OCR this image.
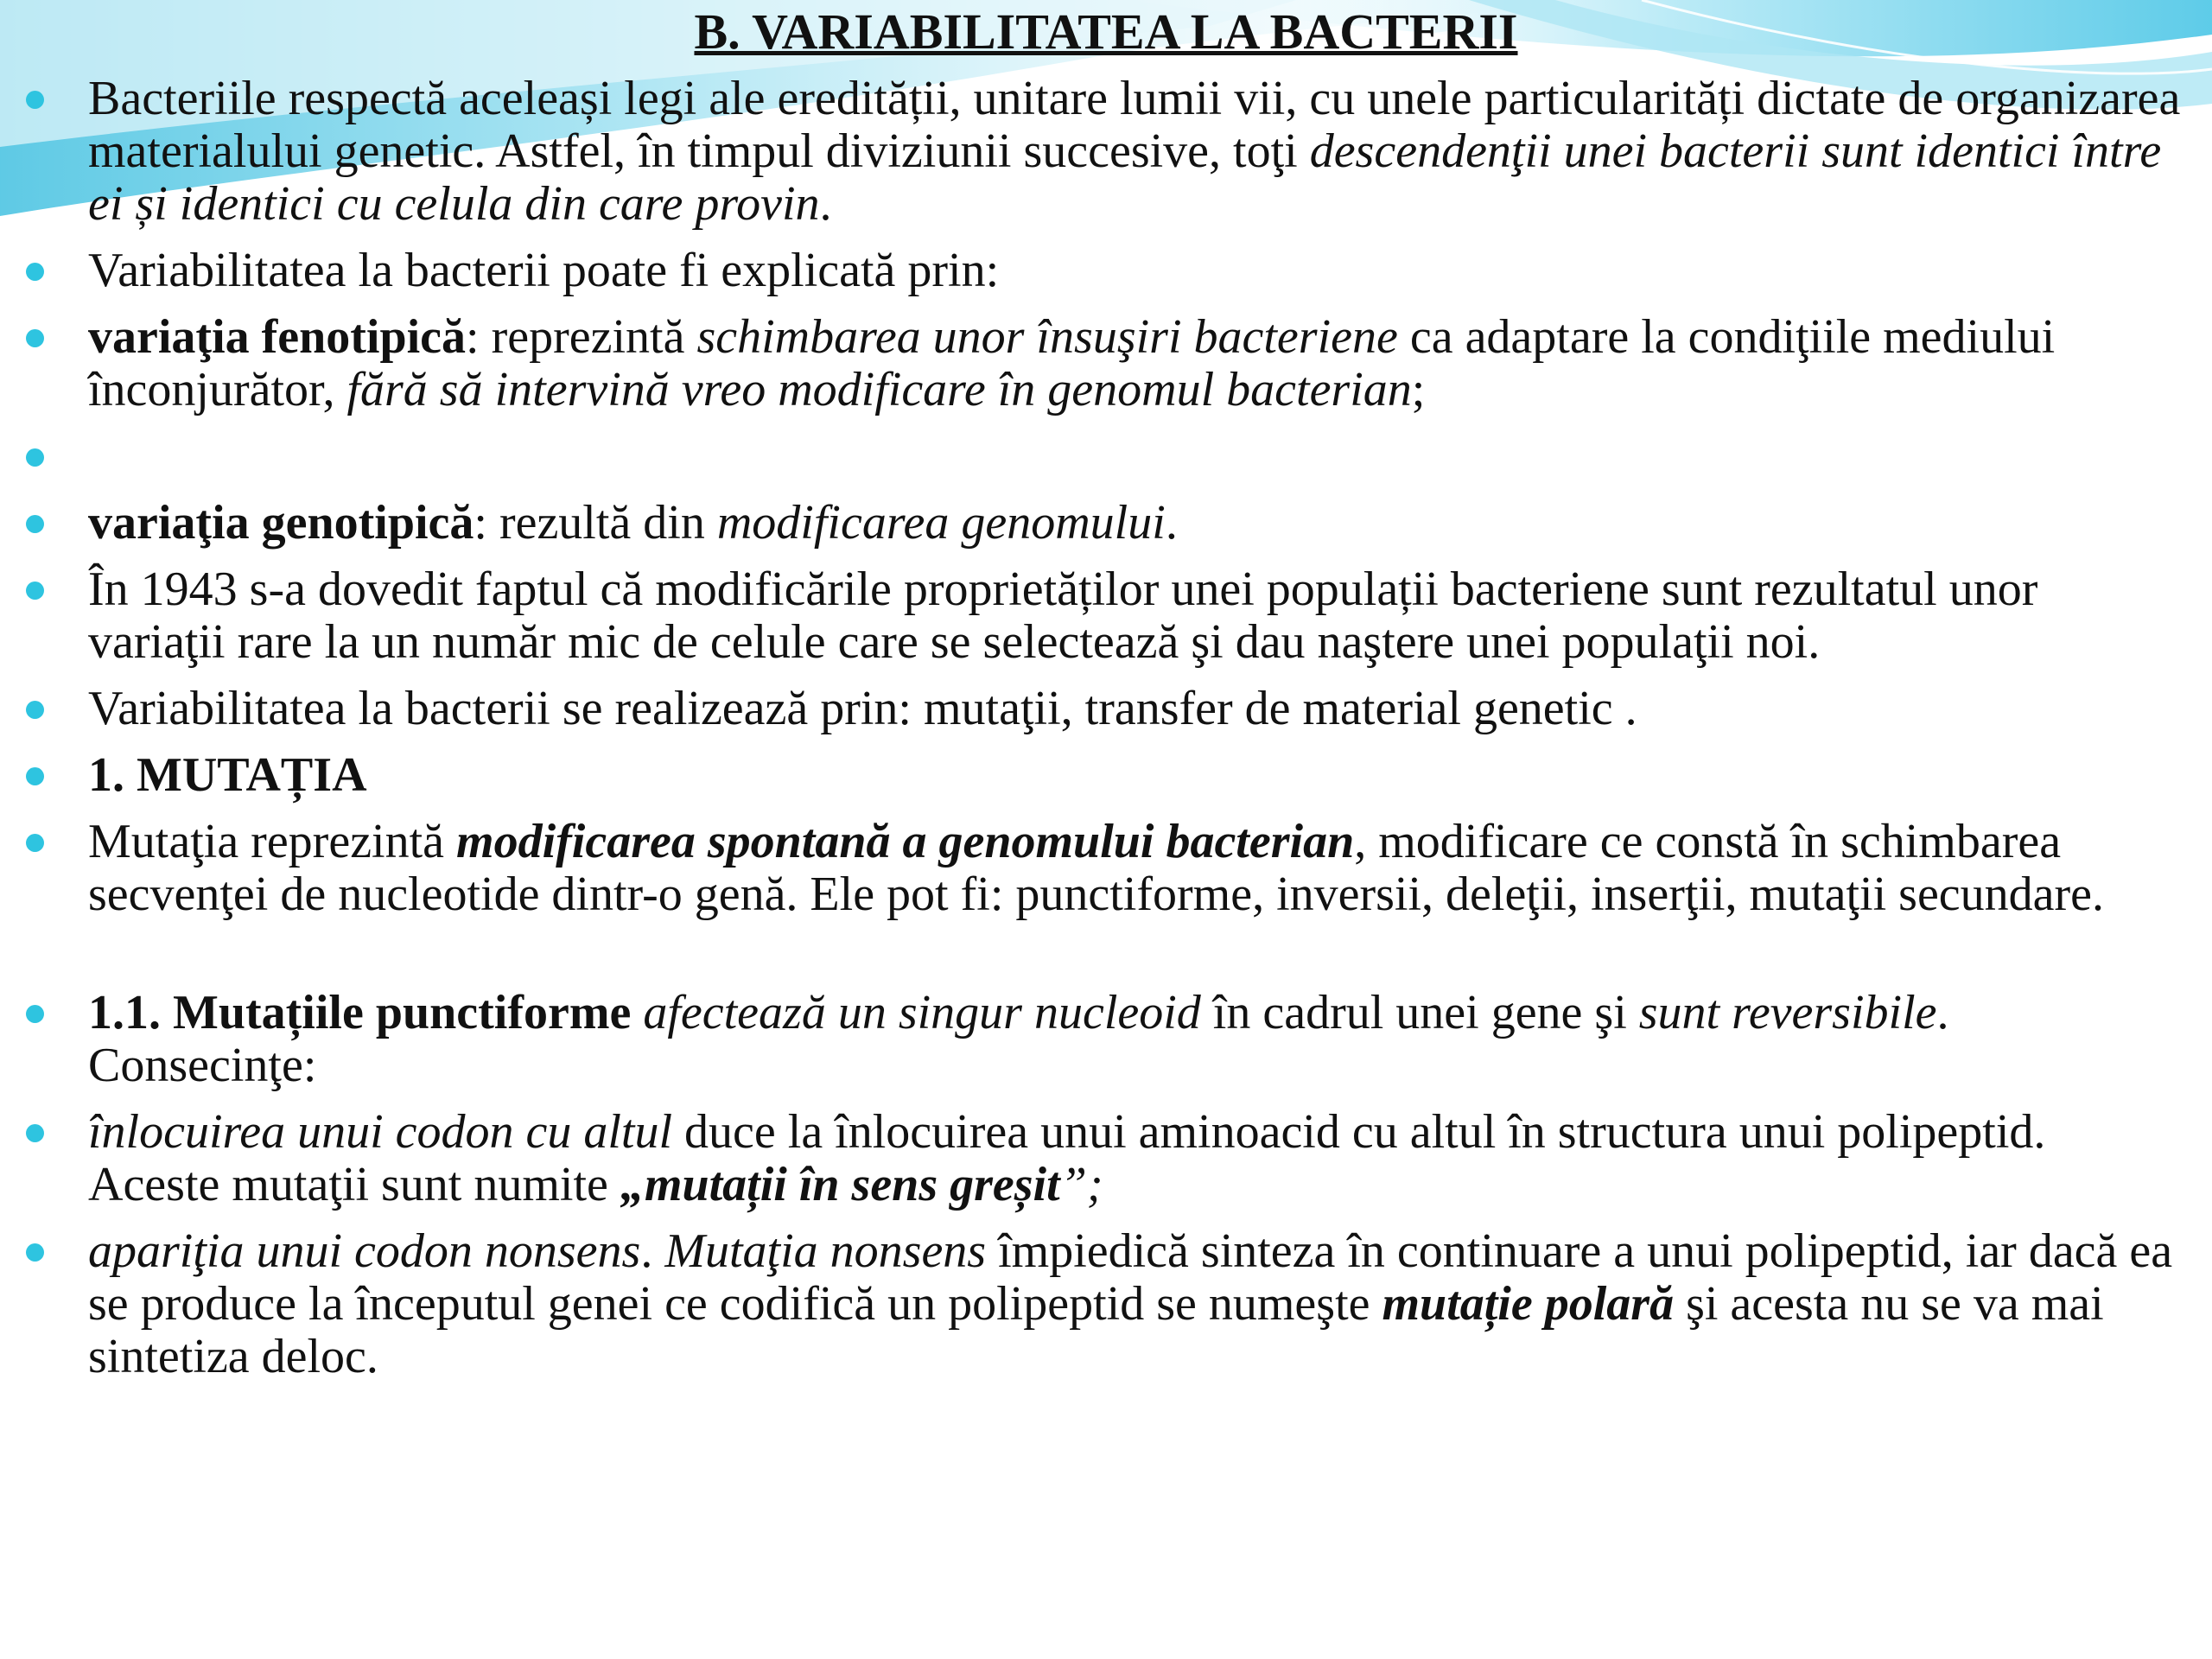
B. VARIABILITATEA LA BACTERII
Bacteriile respectă aceleași legi ale eredității, unitare lumii vii, cu unele particularități dictate de organizarea materialului genetic. Astfel, în timpul diviziunii succesive, toţi descendenţii unei bacterii sunt identici între ei și identici cu celula din care provin.
Variabilitatea la bacterii poate fi explicată prin:
variaţia fenotipică: reprezintă schimbarea unor însuşiri bacteriene ca adaptare la condiţiile mediului înconjurător, fără să intervină vreo modificare în genomul bacterian;
variaţia genotipică: rezultă din modificarea genomului.
În 1943 s-a dovedit faptul că modificările proprietăților unei populații bacteriene sunt rezultatul unor variaţii rare la un număr mic de celule care se selectează şi dau naştere unei populaţii noi.
Variabilitatea la bacterii se realizează prin: mutaţii, transfer de material genetic .
1. MUTAȚIA
Mutaţia reprezintă modificarea spontană a genomului bacterian, modificare ce constă în schimbarea secvenţei de nucleotide dintr-o genă. Ele pot fi: punctiforme, inversii, deleţii, inserţii, mutaţii secundare.
1.1. Mutațiile punctiforme afectează un singur nucleoid în cadrul unei gene şi sunt reversibile. Consecinţe:
înlocuirea unui codon cu altul duce la înlocuirea unui aminoacid cu altul în structura unui polipeptid. Aceste mutaţii sunt numite „mutații în sens greșit”;
apariţia unui codon nonsens. Mutaţia nonsens împiedică sinteza în continuare a unui polipeptid, iar dacă ea se produce la începutul genei ce codifică un polipeptid se numeşte mutație polară şi acesta nu se va mai sintetiza deloc.
